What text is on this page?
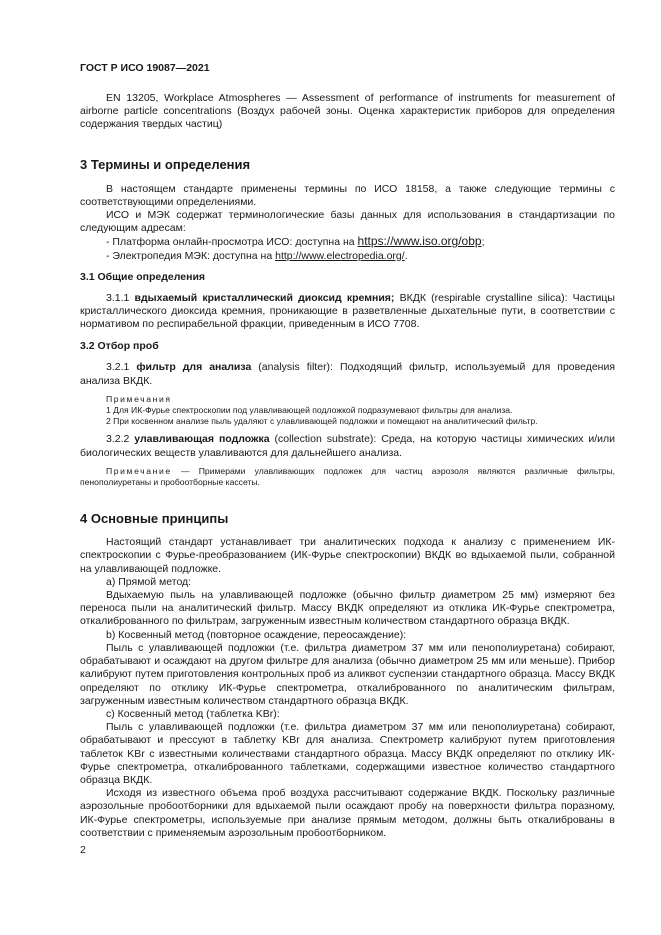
ГОСТ Р ИСО 19087—2021

EN 13205, Workplace Atmospheres — Assessment of performance of instruments for measurement of airborne particle concentrations (Воздух рабочей зоны. Оценка характеристик приборов для определения содержания твердых частиц)

3 Термины и определения

В настоящем стандарте применены термины по ИСО 18158, а также следующие термины с соответствующими определениями.

ИСО и МЭК содержат терминологические базы данных для использования в стандартизации по следующим адресам:

- Платформа онлайн-просмотра ИСО: доступна на https://www.iso.org/obp;

- Электропедия МЭК: доступна на http://www.electropedia.org/.

3.1 Общие определения

3.1.1 вдыхаемый кристаллический диоксид кремния; ВКДК (respirable crystalline silica): Частицы кристаллического диоксида кремния, проникающие в разветвленные дыхательные пути, в соответствии с нормативом по респирабельной фракции, приведенным в ИСО 7708.

3.2 Отбор проб

3.2.1 фильтр для анализа (analysis filter): Подходящий фильтр, используемый для проведения анализа ВКДК.

Примечания
1 Для ИК-Фурье спектроскопии под улавливающей подложкой подразумевают фильтры для анализа.
2 При косвенном анализе пыль удаляют с улавливающей подложки и помещают на аналитический фильтр.

3.2.2 улавливающая подложка (collection substrate): Среда, на которую частицы химических и/или биологических веществ улавливаются для дальнейшего анализа.

Примечание — Примерами улавливающих подложек для частиц аэрозоля являются различные фильтры, пенополиуретаны и пробоотборные кассеты.

4 Основные принципы

Настоящий стандарт устанавливает три аналитических подхода к анализу с применением ИК-спектроскопии с Фурье-преобразованием (ИК-Фурье спектроскопии) ВКДК во вдыхаемой пыли, собранной на улавливающей подложке.

а) Прямой метод:

Вдыхаемую пыль на улавливающей подложке (обычно фильтр диаметром 25 мм) измеряют без переноса пыли на аналитический фильтр. Массу ВКДК определяют из отклика ИК-Фурье спектрометра, откалиброванного по фильтрам, загруженным известным количеством стандартного образца ВКДК.

b) Косвенный метод (повторное осаждение, переосаждение):

Пыль с улавливающей подложки (т.е. фильтра диаметром 37 мм или пенополиуретана) собирают, обрабатывают и осаждают на другом фильтре для анализа (обычно диаметром 25 мм или меньше). Прибор калибруют путем приготовления контрольных проб из аликвот суспензии стандартного образца. Массу ВКДК определяют по отклику ИК-Фурье спектрометра, откалиброванного по аналитическим фильтрам, загруженным известным количеством стандартного образца ВКДК.

с) Косвенный метод (таблетка KBr):

Пыль с улавливающей подложки (т.е. фильтра диаметром 37 мм или пенополиуретана) собирают, обрабатывают и прессуют в таблетку KBr для анализа. Спектрометр калибруют путем приготовления таблеток KBr с известными количествами стандартного образца. Массу ВКДК определяют по отклику ИК-Фурье спектрометра, откалиброванного таблетками, содержащими известное количество стандартного образца ВКДК.

Исходя из известного объема проб воздуха рассчитывают содержание ВКДК. Поскольку различные аэрозольные пробоотборники для вдыхаемой пыли осаждают пробу на поверхности фильтра поразному, ИК-Фурье спектрометры, используемые при анализе прямым методом, должны быть откалиброваны в соответствии с применяемым аэрозольным пробоотборником.

2
